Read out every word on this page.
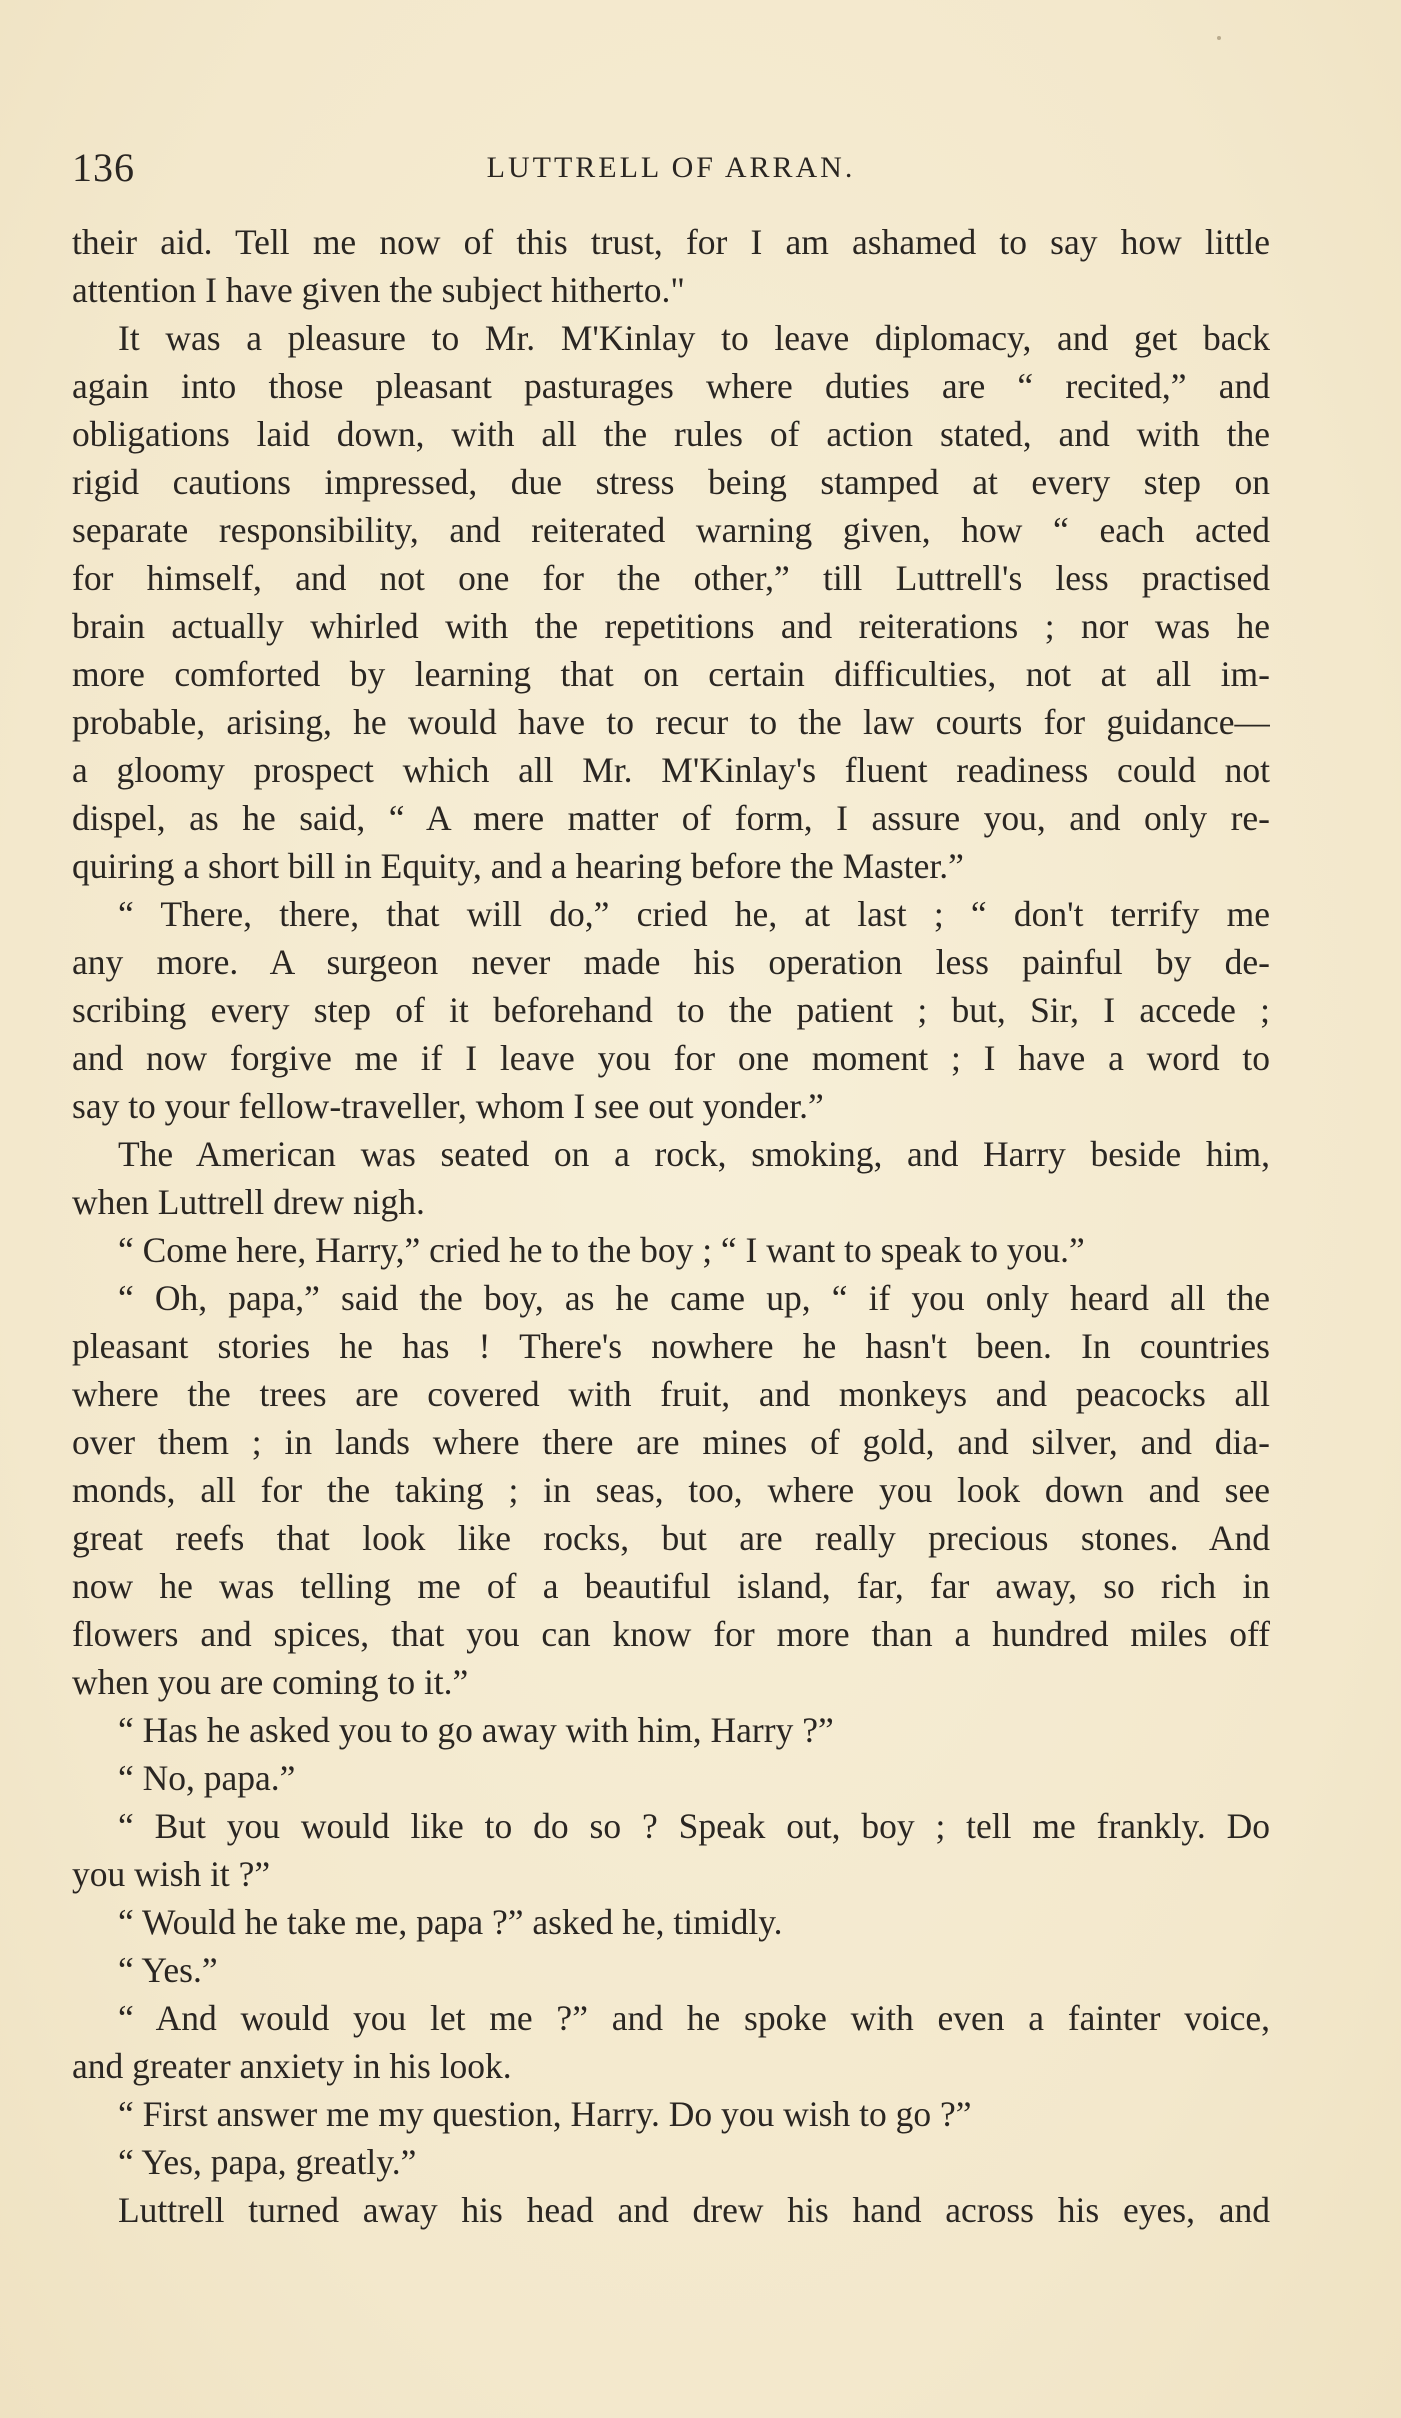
136	LUTTRELL OF ARRAN.
their aid. Tell me now of this trust, for I am ashamed to say how little
attention I have given the subject hitherto."
It was a pleasure to Mr. M'Kinlay to leave diplomacy, and get back
again into those pleasant pasturages where duties are “ recited,” and
obligations laid down, with all the rules of action stated, and with the
rigid cautions impressed, due stress being stamped at every step on
separate responsibility, and reiterated warning given, how “ each acted
for himself, and not one for the other,” till Luttrell's less practised
brain actually whirled with the repetitions and reiterations ; nor was he
more comforted by learning that on certain difficulties, not at all im-
probable, arising, he would have to recur to the law courts for guidance—
a gloomy prospect which all Mr. M'Kinlay's fluent readiness could not
dispel, as he said, “ A mere matter of form, I assure you, and only re-
quiring a short bill in Equity, and a hearing before the Master.”
“ There, there, that will do,” cried he, at last ; “ don't terrify me
any more. A surgeon never made his operation less painful by de-
scribing every step of it beforehand to the patient ; but, Sir, I accede ;
and now forgive me if I leave you for one moment ; I have a word to
say to your fellow-traveller, whom I see out yonder.”
The American was seated on a rock, smoking, and Harry beside him,
when Luttrell drew nigh.
“ Come here, Harry,” cried he to the boy ; “ I want to speak to you.”
“ Oh, papa,” said the boy, as he came up, “ if you only heard all the
pleasant stories he has ! There's nowhere he hasn't been. In countries
where the trees are covered with fruit, and monkeys and peacocks all
over them ; in lands where there are mines of gold, and silver, and dia-
monds, all for the taking ; in seas, too, where you look down and see
great reefs that look like rocks, but are really precious stones. And
now he was telling me of a beautiful island, far, far away, so rich in
flowers and spices, that you can know for more than a hundred miles off
when you are coming to it.”
“ Has he asked you to go away with him, Harry ?”
“ No, papa.”
“ But you would like to do so ? Speak out, boy ; tell me frankly. Do
you wish it ?”
“ Would he take me, papa ?” asked he, timidly.
“ Yes.”
“ And would you let me ?” and he spoke with even a fainter voice,
and greater anxiety in his look.
“ First answer me my question, Harry. Do you wish to go ?”
“ Yes, papa, greatly.”
Luttrell turned away his head and drew his hand across his eyes, and
